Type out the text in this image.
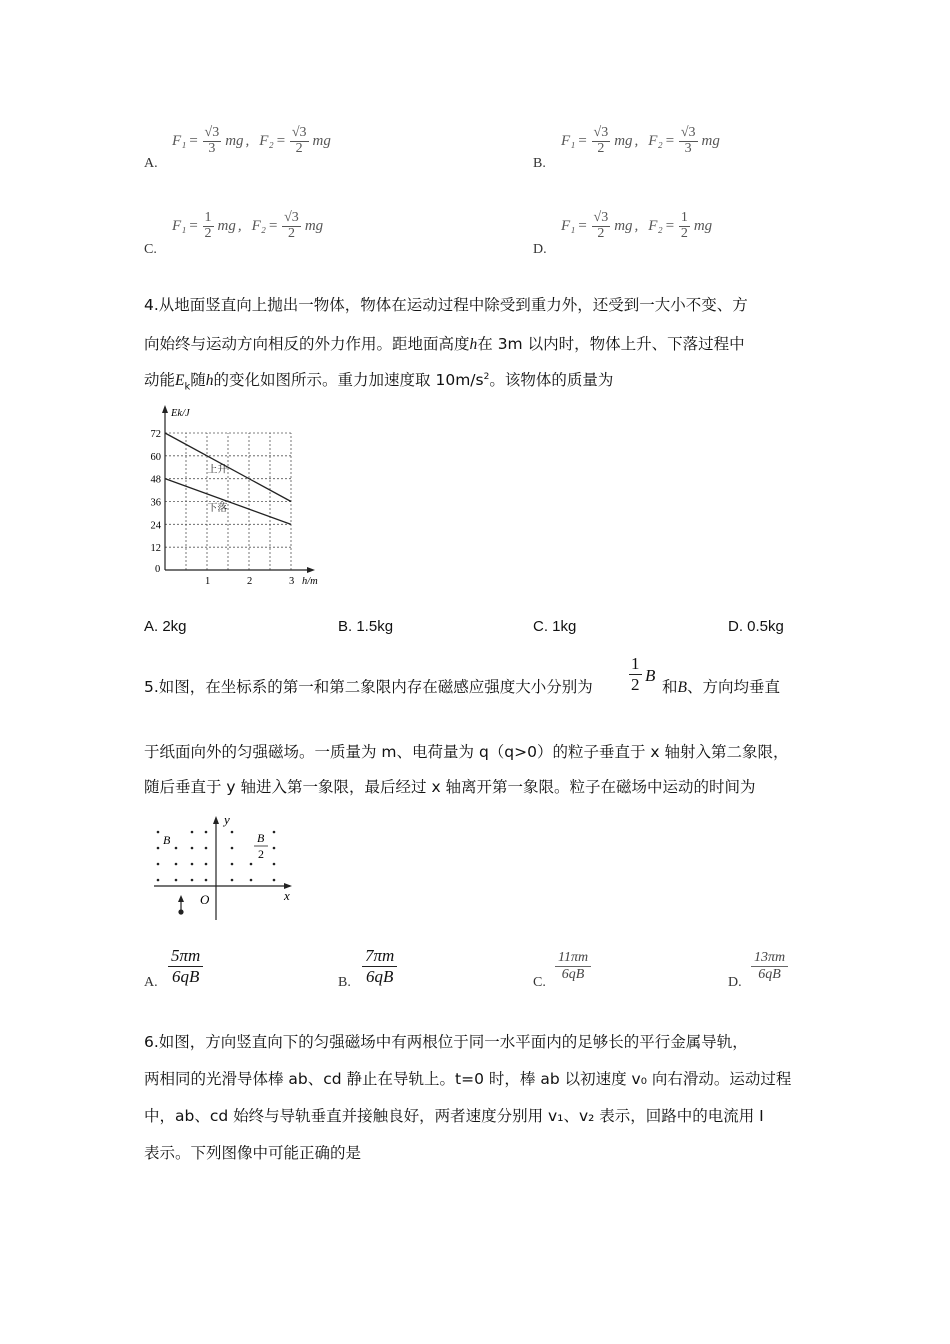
A.
$F_1 = \frac{√3}{3}$ mg , $F_2 = \frac{√3}{2}$ mg
B.
$F_1 = \frac{√3}{2}$ mg , $F_2 = \frac{√3}{3}$ mg
C.
$F_1 = \frac{1}{2}$ mg , $F_2 = \frac{√3}{2}$ mg
D.
$F_1 = \frac{√3}{2}$ mg , $F_2 = \frac{1}{2}$ mg
4.从地面竖直向上抛出一物体，物体在运动过程中除受到重力外，还受到一大小不变、方
向始终与运动方向相反的外力作用。距地面高度h在 3m 以内时，物体上升、下落过程中
动能$E_k$随h的变化如图所示。重力加速度取 $10m/s^2$。该物体的质量为
上升
下落
12
24
36
48
60
72
1	2	3
0
Ek/J
h/m
A. 2kg	B. 1.5kg	C. 1kg	D. 0.5kg
5.如图，在坐标系的第一和第二象限内存在磁感应强度大小分别为
1
2 B
和B、方向均垂直
于纸面向外的匀强磁场。一质量为 m、电荷量为 q（q>0）的粒子垂直于 x 轴射入第二象限，
随后垂直于 y 轴进入第一象限，最后经过 x 轴离开第一象限。粒子在磁场中运动的时间为
y
x
O
B	B
2
A.
5πm
6qB	B.
7πm
6qB	C.
11πm
6qB
D.
13πm
6qB
6.如图，方向竖直向下的匀强磁场中有两根位于同一水平面内的足够长的平行金属导轨，
两相同的光滑导体棒 ab、cd 静止在导轨上。t=0 时，棒 ab 以初速度 v₀ 向右滑动。运动过程
中，ab、cd 始终与导轨垂直并接触良好，两者速度分别用 v₁、v₂ 表示，回路中的电流用 I
表示。下列图像中可能正确的是
